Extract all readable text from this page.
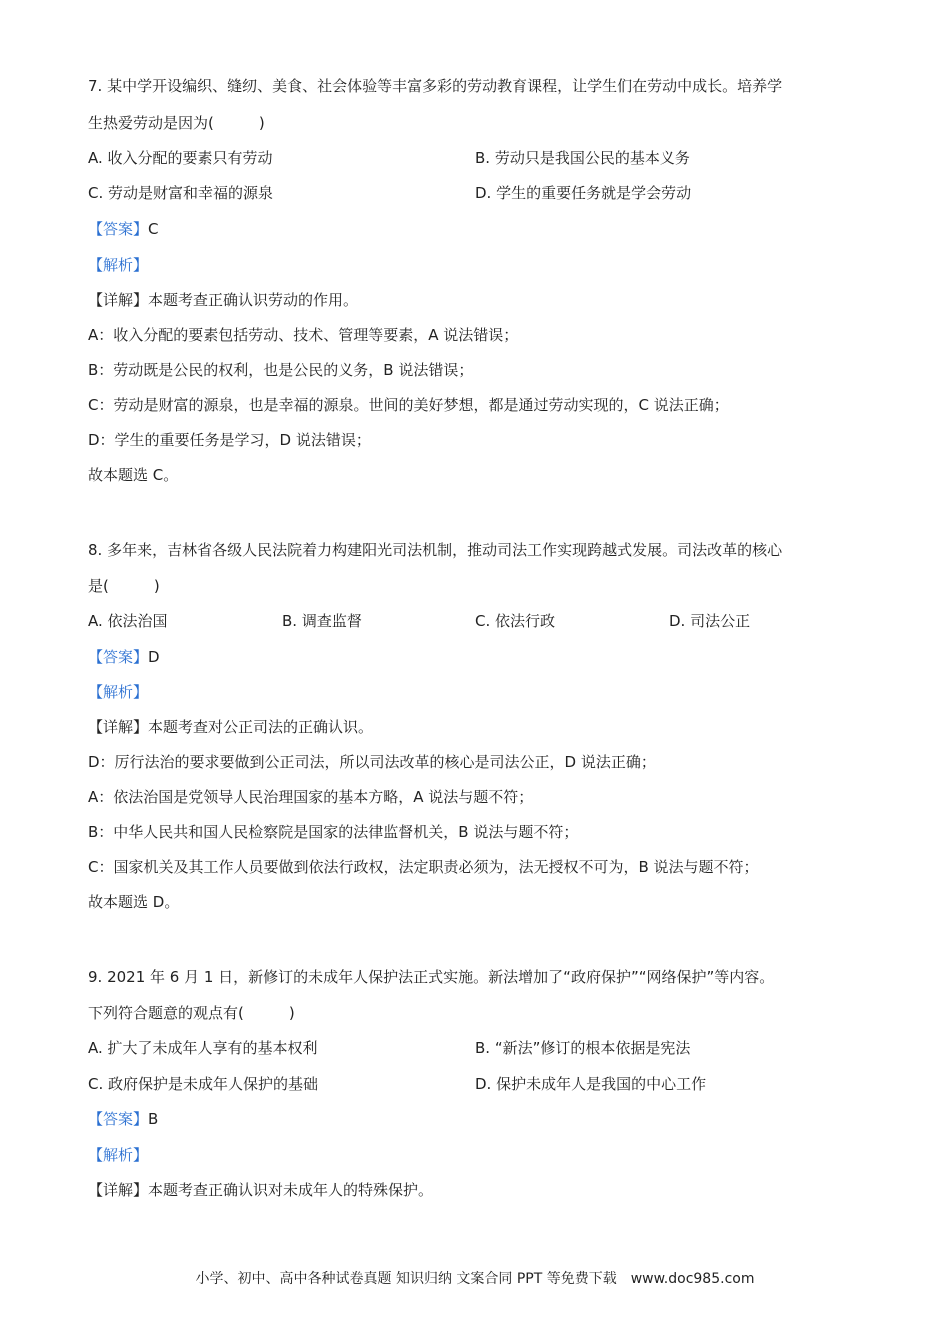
7. 某中学开设编织、缝纫、美食、社会体验等丰富多彩的劳动教育课程，让学生们在劳动中成长。培养学
生热爱劳动是因为(　　　)
A. 收入分配的要素只有劳动	B. 劳动只是我国公民的基本义务
C. 劳动是财富和幸福的源泉	D. 学生的重要任务就是学会劳动
【答案】C
【解析】
【详解】本题考查正确认识劳动的作用。
A：收入分配的要素包括劳动、技术、管理等要素，A 说法错误；
B：劳动既是公民的权利，也是公民的义务，B 说法错误；
C：劳动是财富的源泉，也是幸福的源泉。世间的美好梦想，都是通过劳动实现的，C 说法正确；
D：学生的重要任务是学习，D 说法错误；
故本题选 C。
8. 多年来，吉林省各级人民法院着力构建阳光司法机制，推动司法工作实现跨越式发展。司法改革的核心
是(　　　)
A. 依法治国	B. 调查监督	C. 依法行政	D. 司法公正
【答案】D
【解析】
【详解】本题考查对公正司法的正确认识。
D：厉行法治的要求要做到公正司法，所以司法改革的核心是司法公正，D 说法正确；
A：依法治国是党领导人民治理国家的基本方略，A 说法与题不符；
B：中华人民共和国人民检察院是国家的法律监督机关，B 说法与题不符；
C：国家机关及其工作人员要做到依法行政权，法定职责必须为，法无授权不可为，B 说法与题不符；
故本题选 D。
9. 2021 年 6 月 1 日，新修订的未成年人保护法正式实施。新法增加了“政府保护”“网络保护”等内容。
下列符合题意的观点有(　　　)
A. 扩大了未成年人享有的基本权利	B. “新法”修订的根本依据是宪法
C. 政府保护是未成年人保护的基础	D. 保护未成年人是我国的中心工作
【答案】B
【解析】
【详解】本题考查正确认识对未成年人的特殊保护。
小学、初中、高中各种试卷真题 知识归纳 文案合同 PPT 等免费下载　www.doc985.com
